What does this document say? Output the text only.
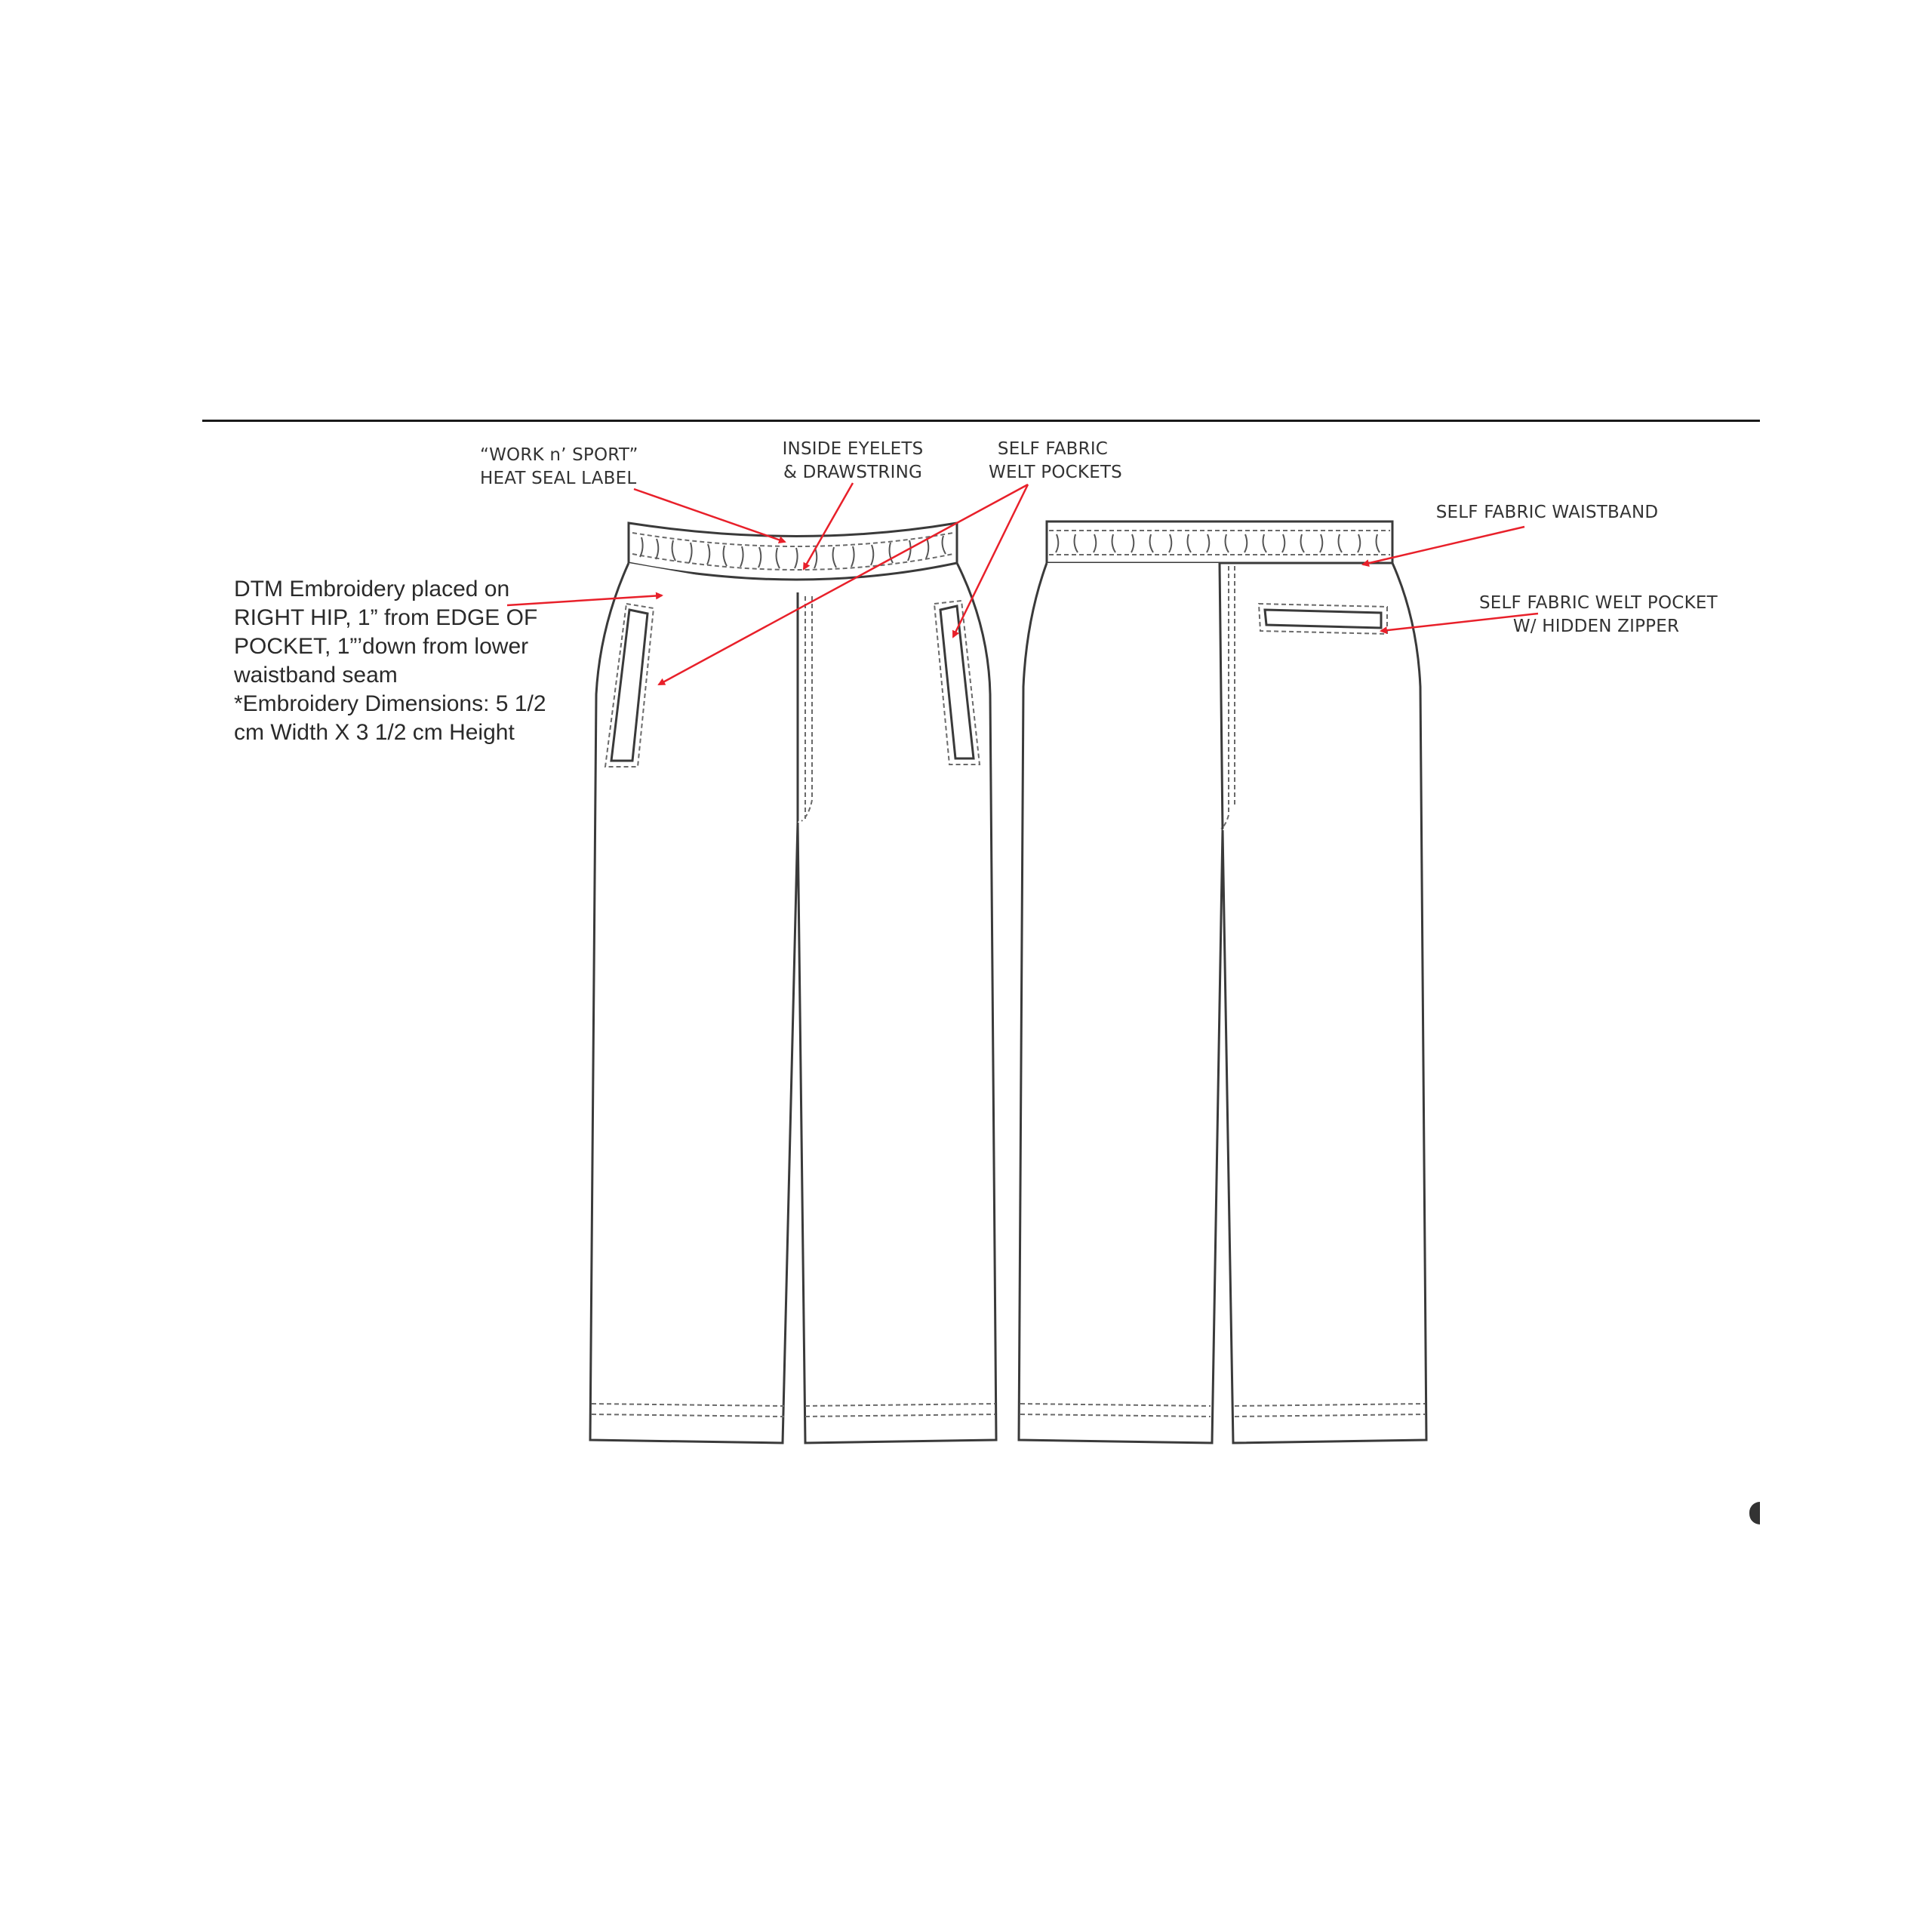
“WORK n’ SPORT”
HEAT SEAL LABEL
INSIDE EYELETS
& DRAWSTRING
SELF FABRIC
WELT POCKETS
SELF FABRIC WAISTBAND
SELF FABRIC WELT POCKET
W/ HIDDEN ZIPPER
DTM Embroidery placed on
RIGHT HIP, 1” from EDGE OF
POCKET, 1”’down from lower
waistband seam
*Embroidery Dimensions: 5 1/2
cm Width X 3 1/2 cm Height
